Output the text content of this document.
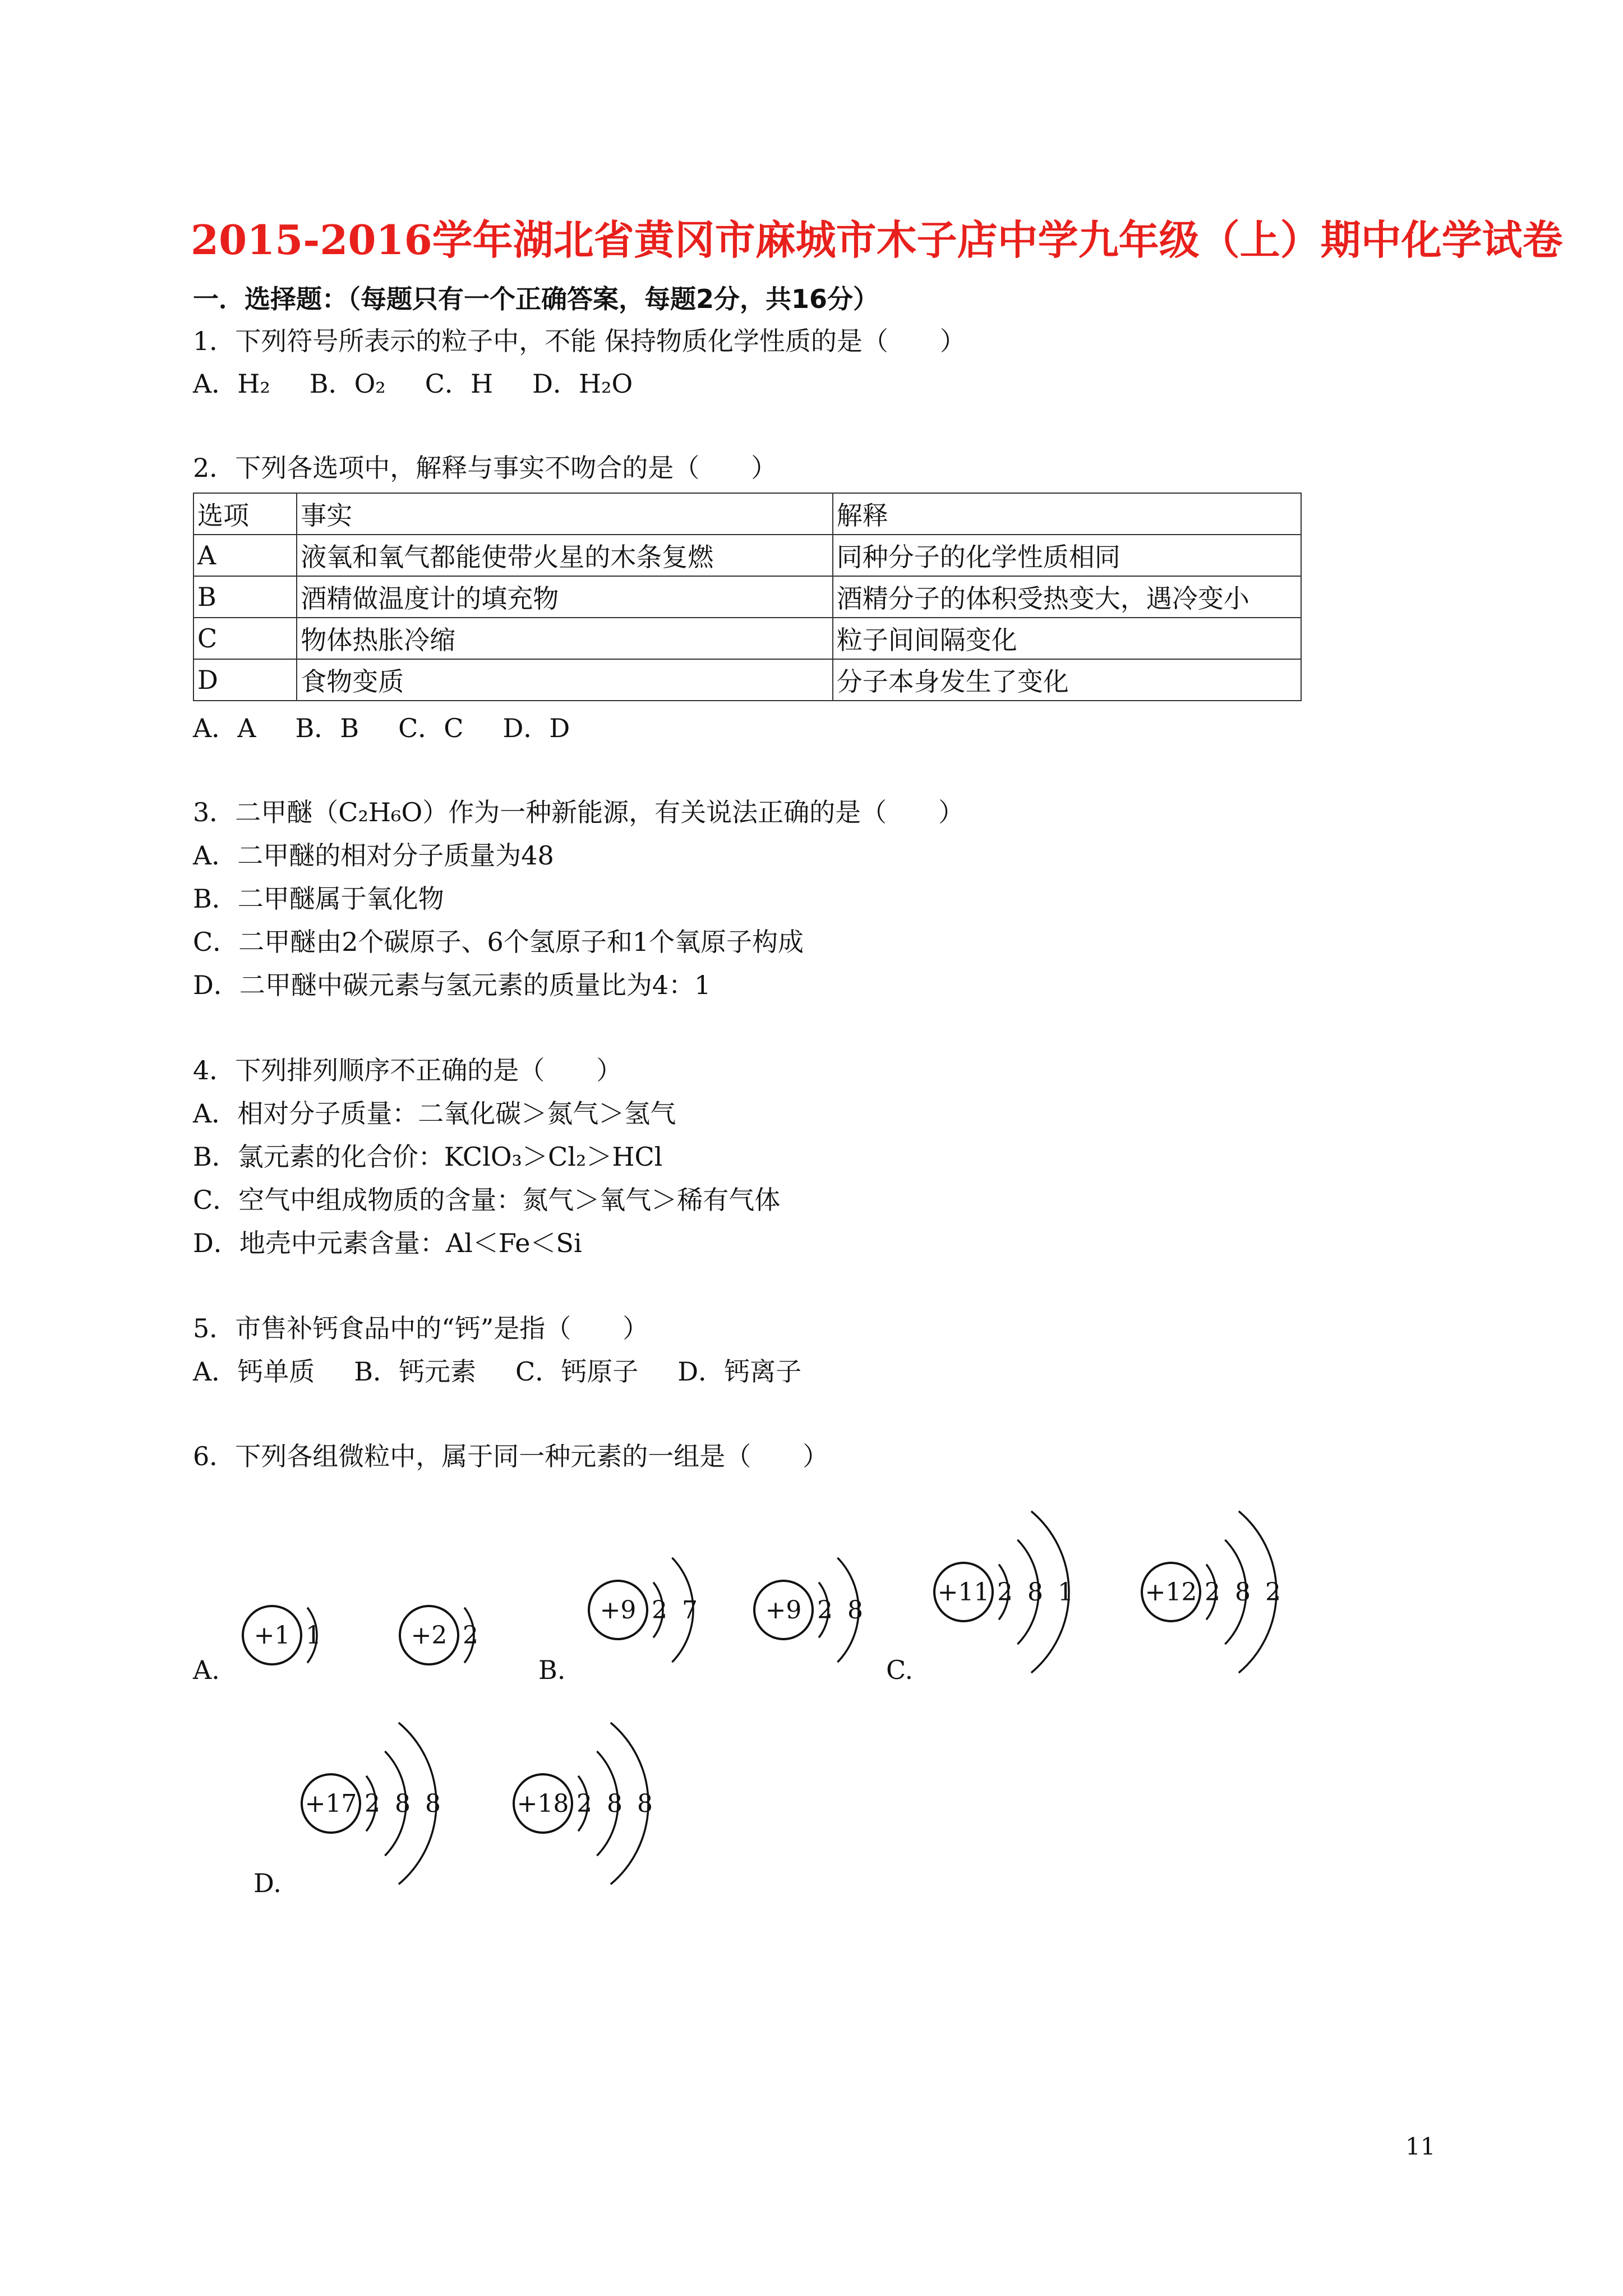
2015-2016学年湖北省黄冈市麻城市木子店中学九年级（上）期中化学试卷
一．选择题：（每题只有一个正确答案，每题2分，共16分）
1．下列符号所表示的粒子中，不能 保持物质化学性质的是（　　）
A．H₂ B．O₂ C．H D．H₂O
2．下列各选项中，解释与事实不吻合的是（　　）
选项	事实	解释
A	液氧和氧气都能使带火星的木条复燃	同种分子的化学性质相同
B	酒精做温度计的填充物	酒精分子的体积受热变大，遇冷变小
C	物体热胀冷缩	粒子间间隔变化
D	食物变质	分子本身发生了变化
A．A B．B C．C D．D
3．二甲醚（C₂H₆O）作为一种新能源，有关说法正确的是（　　）
A．二甲醚的相对分子质量为48
B．二甲醚属于氧化物
C．二甲醚由2个碳原子、6个氢原子和1个氧原子构成
D．二甲醚中碳元素与氢元素的质量比为4：1
4．下列排列顺序不正确的是（　　）
A．相对分子质量：二氧化碳＞氮气＞氢气
B．氯元素的化合价：KClO₃＞Cl₂＞HCl
C．空气中组成物质的含量：氮气＞氧气＞稀有气体
D．地壳中元素含量：Al＜Fe＜Si
5．市售补钙食品中的“钙”是指（　　）
A．钙单质 B．钙元素 C．钙原子 D．钙离子
6．下列各组微粒中，属于同一种元素的一组是（　　）
A.	B.	C.
D.
+1 1	+2 2
+9 2 7	+9 2 8
+11 2 8 1	+12 2 8 2
+17 2 8 8	+18 2 8 8
11
